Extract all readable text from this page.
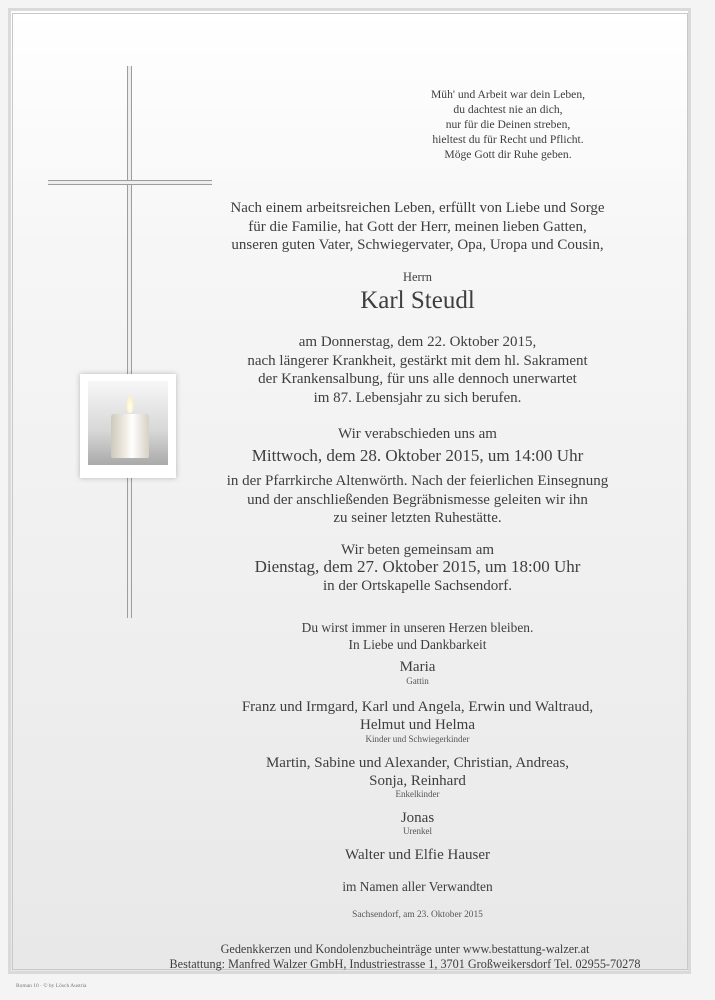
Müh' und Arbeit war dein Leben,
du dachtest nie an dich,
nur für die Deinen streben,
hieltest du für Recht und Pflicht.
Möge Gott dir Ruhe geben.
Nach einem arbeitsreichen Leben, erfüllt von Liebe und Sorge
für die Familie, hat Gott der Herr, meinen lieben Gatten,
unseren guten Vater, Schwiegervater, Opa, Uropa und Cousin,
Herrn
Karl Steudl
am Donnerstag, dem 22. Oktober 2015,
nach längerer Krankheit, gestärkt mit dem hl. Sakrament
der Krankensalbung, für uns alle dennoch unerwartet
im 87. Lebensjahr zu sich berufen.
Wir verabschieden uns am
Mittwoch, dem 28. Oktober 2015, um 14:00 Uhr
in der Pfarrkirche Altenwörth. Nach der feierlichen Einsegnung
und der anschließenden Begräbnismesse geleiten wir ihn
zu seiner letzten Ruhestätte.
Wir beten gemeinsam am
Dienstag, dem 27. Oktober 2015, um 18:00 Uhr
in der Ortskapelle Sachsendorf.
Du wirst immer in unseren Herzen bleiben.
In Liebe und Dankbarkeit
Maria
Gattin
Franz und Irmgard, Karl und Angela, Erwin und Waltraud,
Helmut und Helma
Kinder und Schwiegerkinder
Martin, Sabine und Alexander, Christian, Andreas,
Sonja, Reinhard
Enkelkinder
Jonas
Urenkel
Walter und Elfie Hauser
im Namen aller Verwandten
Sachsendorf, am 23. Oktober 2015
Gedenkkerzen und Kondolenzbucheinträge unter www.bestattung-walzer.at
Bestattung: Manfred Walzer GmbH, Industriestrasse 1, 3701 Großweikersdorf Tel. 02955-70278
Roman 10 · © by Lösch Austria
